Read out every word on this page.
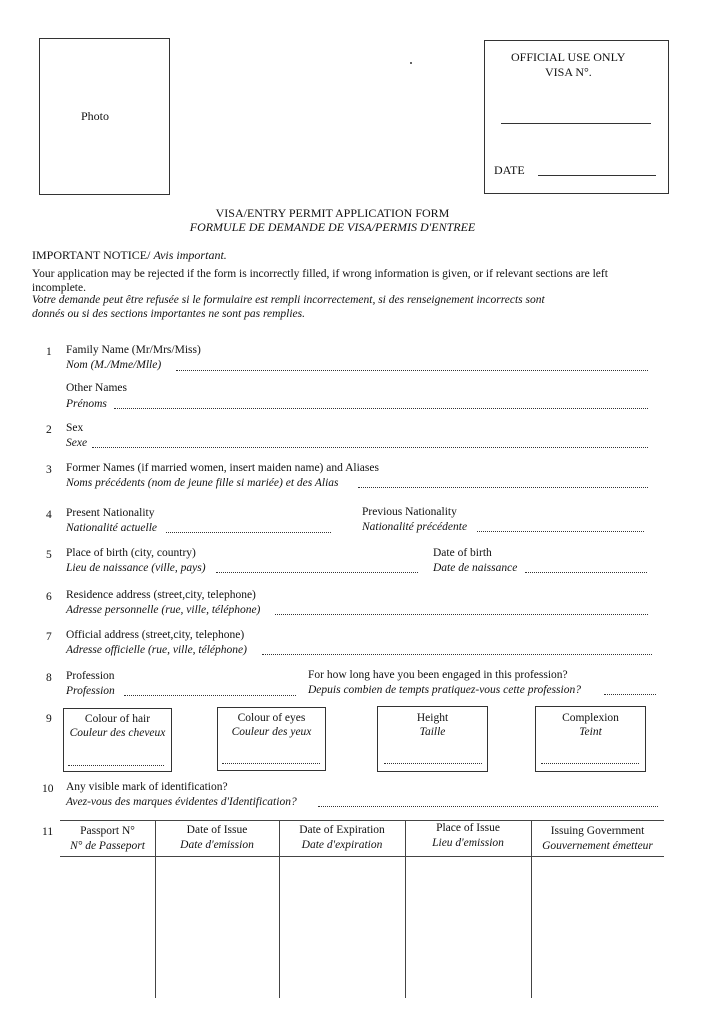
Photo
OFFICIAL USE ONLY
VISA N°.
DATE
VISA/ENTRY PERMIT APPLICATION FORM
FORMULE DE DEMANDE DE VISA/PERMIS D'ENTREE
IMPORTANT NOTICE/ Avis important.
Your application may be rejected if the form is incorrectly filled, if wrong information is given, or if relevant sections are left
incomplete.
Votre demande peut être refusée si le formulaire est rempli incorrectement, si des renseignement incorrects sont
donnés ou si des sections importantes ne sont pas remplies.
1 Family Name (Mr/Mrs/Miss)
Nom (M./Mme/Mlle)
Other Names
Prénoms
2 Sex
Sexe
3 Former Names (if married women, insert maiden name) and Aliases
Noms précédents (nom de jeune fille si mariée) et des Alias
4 Present Nationality
Nationalité actuelle
Previous Nationality
Nationalité précédente
5 Place of birth (city, country)
Lieu de naissance (ville, pays)
Date of birth
Date de naissance
6 Residence address (street,city, telephone)
Adresse personnelle (rue, ville, téléphone)
7 Official address (street,city, telephone)
Adresse officielle (rue, ville, téléphone)
8 Profession
Profession
For how long have you been engaged in this profession?
Depuis combien de tempts pratiquez-vous cette profession?
9	Colour of hair
Couleur des cheveux
Colour of eyes
Couleur des yeux
Height
Taille
Complexion
Teint
10 Any visible mark of identification?
Avez-vous des marques évidentes d'Identification?
11	Passport N°
N° de Passeport
Date of Issue
Date d'emission
Date of Expiration
Date d'expiration
Place of Issue
Lieu d'emission
Issuing Government
Gouvernement émetteur
